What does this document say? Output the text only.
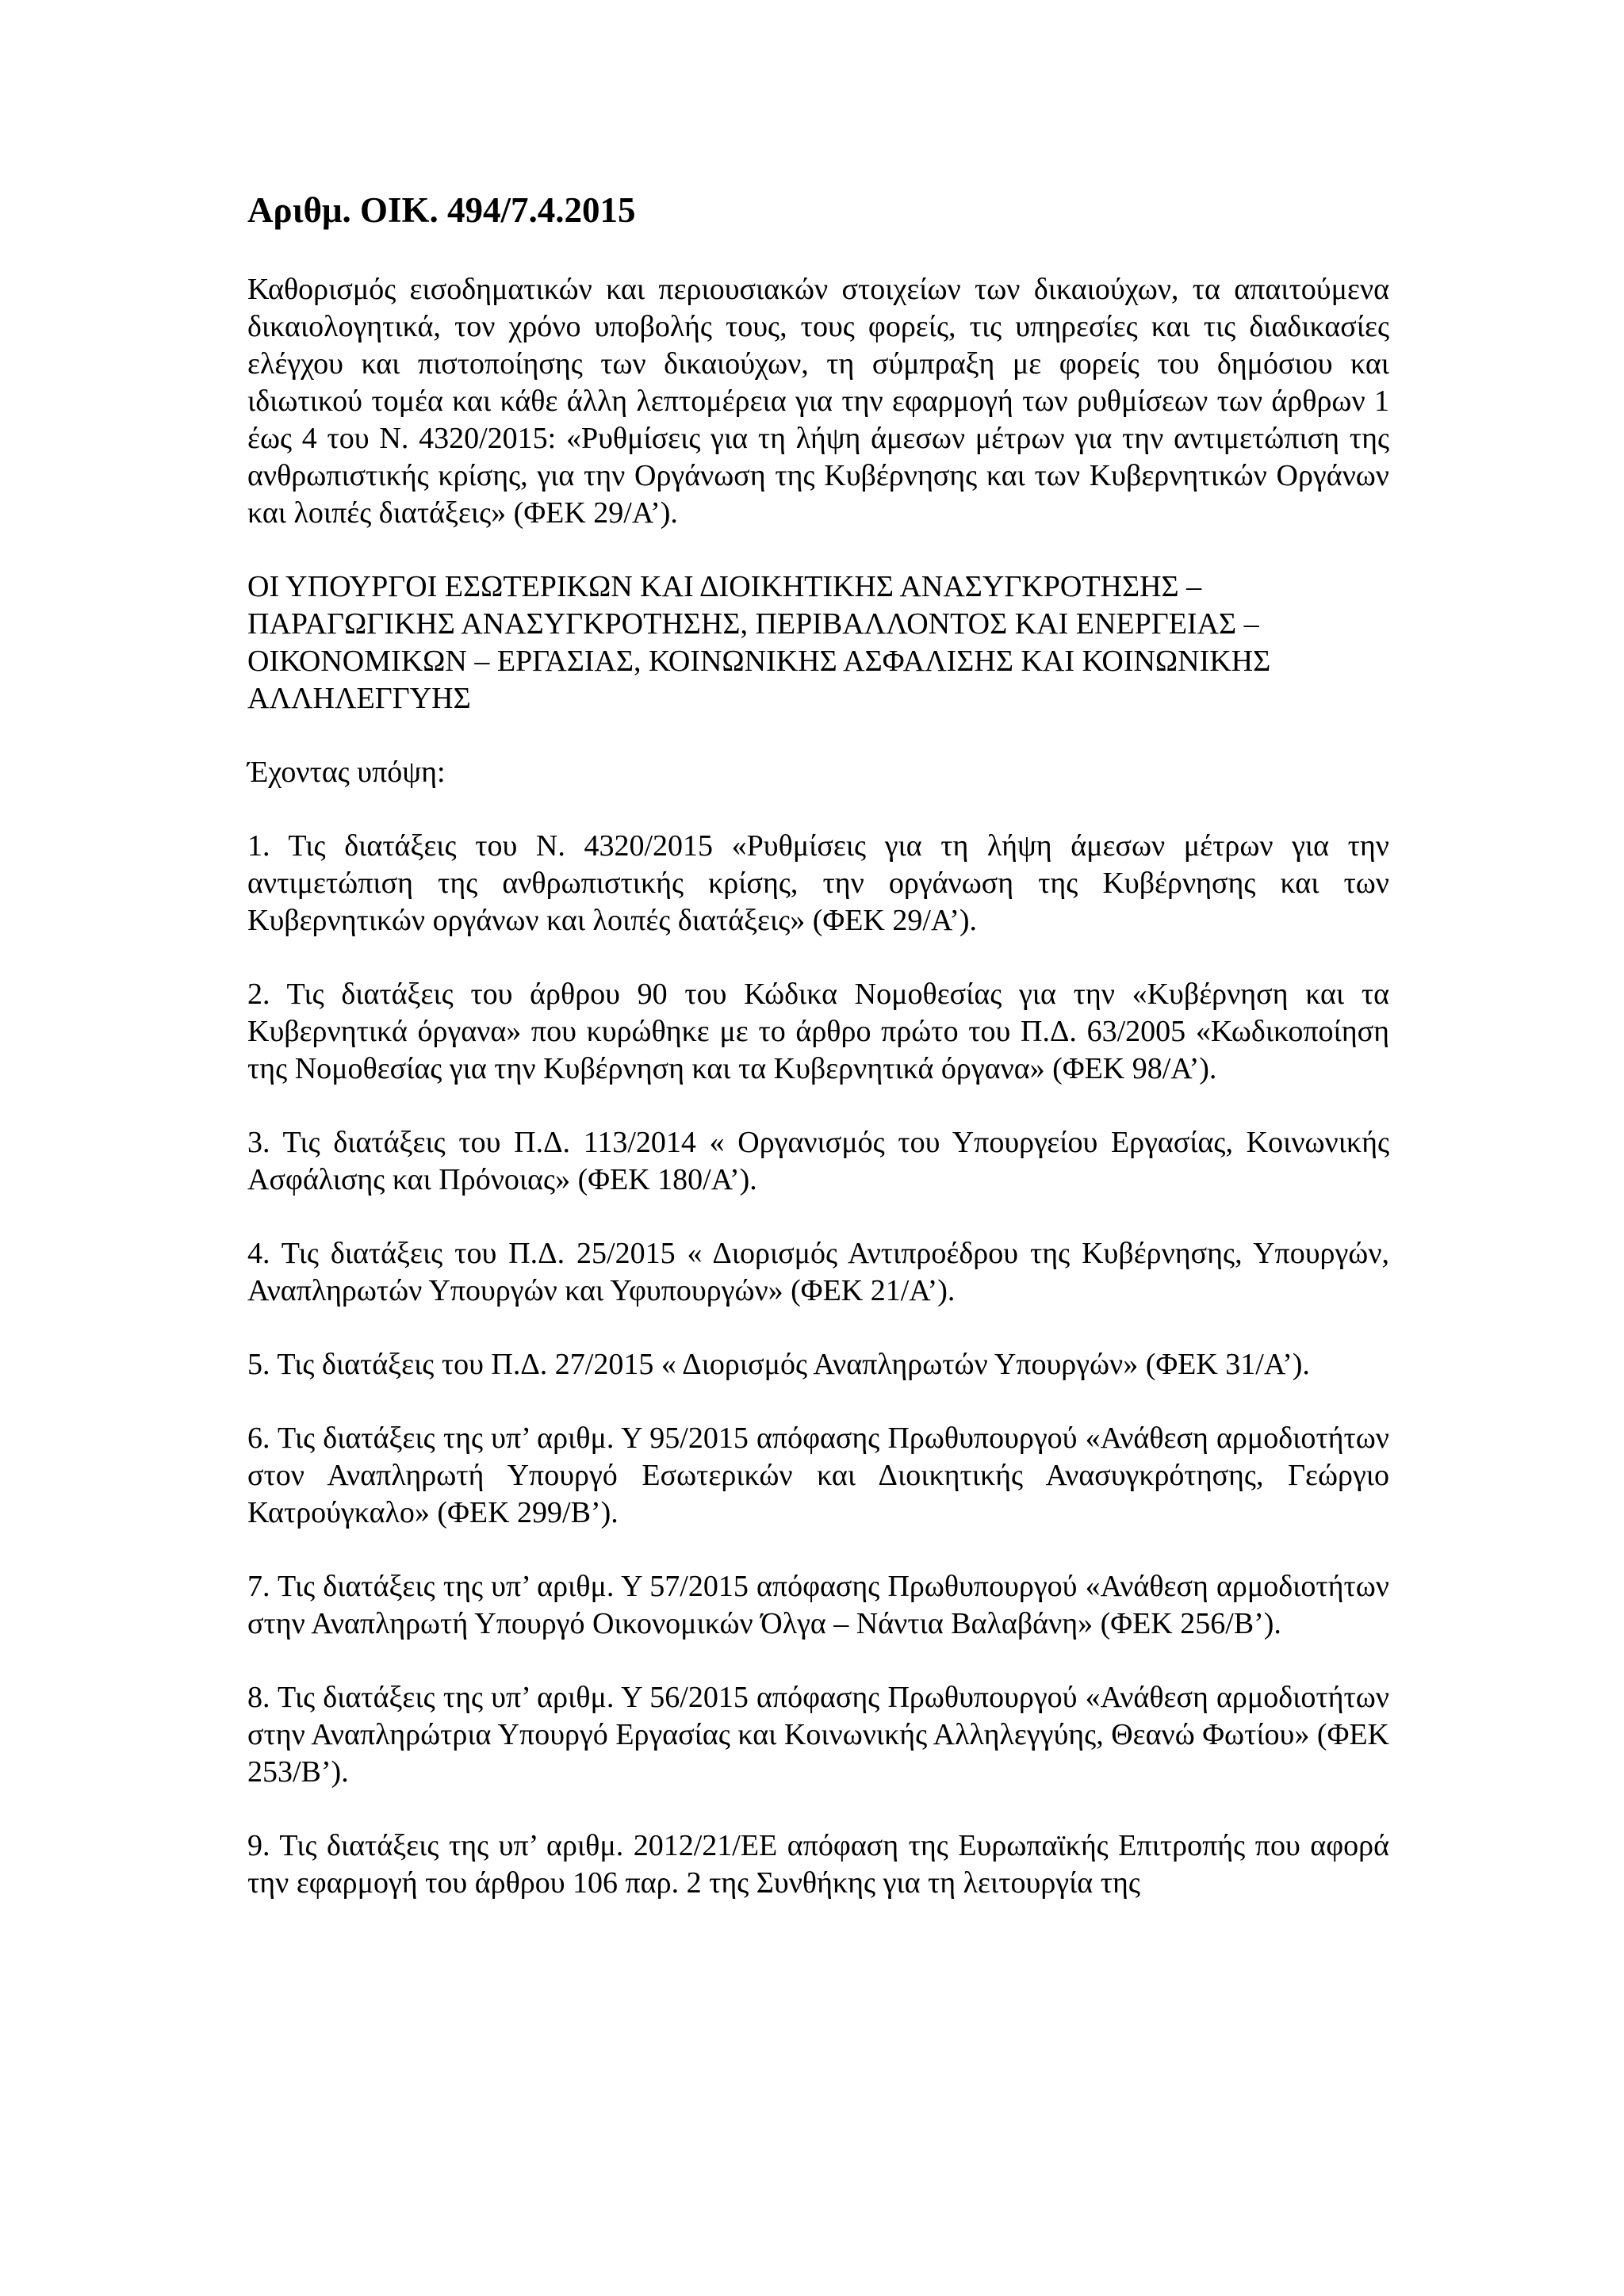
Αριθμ. ΟΙΚ. 494/7.4.2015

Καθορισμός εισοδηματικών και περιουσιακών στοιχείων των δικαιούχων, τα απαιτούμενα δικαιολογητικά, τον χρόνο υποβολής τους, τους φορείς, τις υπηρεσίες και τις διαδικασίες ελέγχου και πιστοποίησης των δικαιούχων, τη σύμπραξη με φορείς του δημόσιου και ιδιωτικού τομέα και κάθε άλλη λεπτομέρεια για την εφαρμογή των ρυθμίσεων των άρθρων 1 έως 4 του Ν. 4320/2015: «Ρυθμίσεις για τη λήψη άμεσων μέτρων για την αντιμετώπιση της ανθρωπιστικής κρίσης, για την Οργάνωση της Κυβέρνησης και των Κυβερνητικών Οργάνων και λοιπές διατάξεις» (ΦΕΚ 29/Α’).

ΟΙ ΥΠΟΥΡΓΟΙ ΕΣΩΤΕΡΙΚΩΝ ΚΑΙ ΔΙΟΙΚΗΤΙΚΗΣ ΑΝΑΣΥΓΚΡΟΤΗΣΗΣ – ΠΑΡΑΓΩΓΙΚΗΣ ΑΝΑΣΥΓΚΡΟΤΗΣΗΣ, ΠΕΡΙΒΑΛΛΟΝΤΟΣ ΚΑΙ ΕΝΕΡΓΕΙΑΣ – ΟΙΚΟΝΟΜΙΚΩΝ – ΕΡΓΑΣΙΑΣ, ΚΟΙΝΩΝΙΚΗΣ ΑΣΦΑΛΙΣΗΣ ΚΑΙ ΚΟΙΝΩΝΙΚΗΣ ΑΛΛΗΛΕΓΓΥΗΣ

Έχοντας υπόψη:

1. Τις διατάξεις του Ν. 4320/2015 «Ρυθμίσεις για τη λήψη άμεσων μέτρων για την αντιμετώπιση της ανθρωπιστικής κρίσης, την οργάνωση της Κυβέρνησης και των Κυβερνητικών οργάνων και λοιπές διατάξεις» (ΦΕΚ 29/Α’).

2. Τις διατάξεις του άρθρου 90 του Κώδικα Νομοθεσίας για την «Κυβέρνηση και τα Κυβερνητικά όργανα» που κυρώθηκε με το άρθρο πρώτο του Π.Δ. 63/2005 «Κωδικοποίηση της Νομοθεσίας για την Κυβέρνηση και τα Κυβερνητικά όργανα» (ΦΕΚ 98/Α’).

3. Τις διατάξεις του Π.Δ. 113/2014 « Οργανισμός του Υπουργείου Εργασίας, Κοινωνικής Ασφάλισης και Πρόνοιας» (ΦΕΚ 180/Α’).

4. Τις διατάξεις του Π.Δ. 25/2015 « Διορισμός Αντιπροέδρου της Κυβέρνησης, Υπουργών, Αναπληρωτών Υπουργών και Υφυπουργών» (ΦΕΚ 21/Α’).

5. Τις διατάξεις του Π.Δ. 27/2015 « Διορισμός Αναπληρωτών Υπουργών» (ΦΕΚ 31/Α’).

6. Τις διατάξεις της υπ’ αριθμ. Υ 95/2015 απόφασης Πρωθυπουργού «Ανάθεση αρμοδιοτήτων στον Αναπληρωτή Υπουργό Εσωτερικών και Διοικητικής Ανασυγκρότησης, Γεώργιο Κατρούγκαλο» (ΦΕΚ 299/Β’).

7. Τις διατάξεις της υπ’ αριθμ. Υ 57/2015 απόφασης Πρωθυπουργού «Ανάθεση αρμοδιοτήτων στην Αναπληρωτή Υπουργό Οικονομικών Όλγα – Νάντια Βαλαβάνη» (ΦΕΚ 256/Β’).

8. Τις διατάξεις της υπ’ αριθμ. Υ 56/2015 απόφασης Πρωθυπουργού «Ανάθεση αρμοδιοτήτων στην Αναπληρώτρια Υπουργό Εργασίας και Κοινωνικής Αλληλεγγύης, Θεανώ Φωτίου» (ΦΕΚ 253/Β’).

9. Τις διατάξεις της υπ’ αριθμ. 2012/21/ΕΕ απόφαση της Ευρωπαϊκής Επιτροπής που αφορά την εφαρμογή του άρθρου 106 παρ. 2 της Συνθήκης για τη λειτουργία της
